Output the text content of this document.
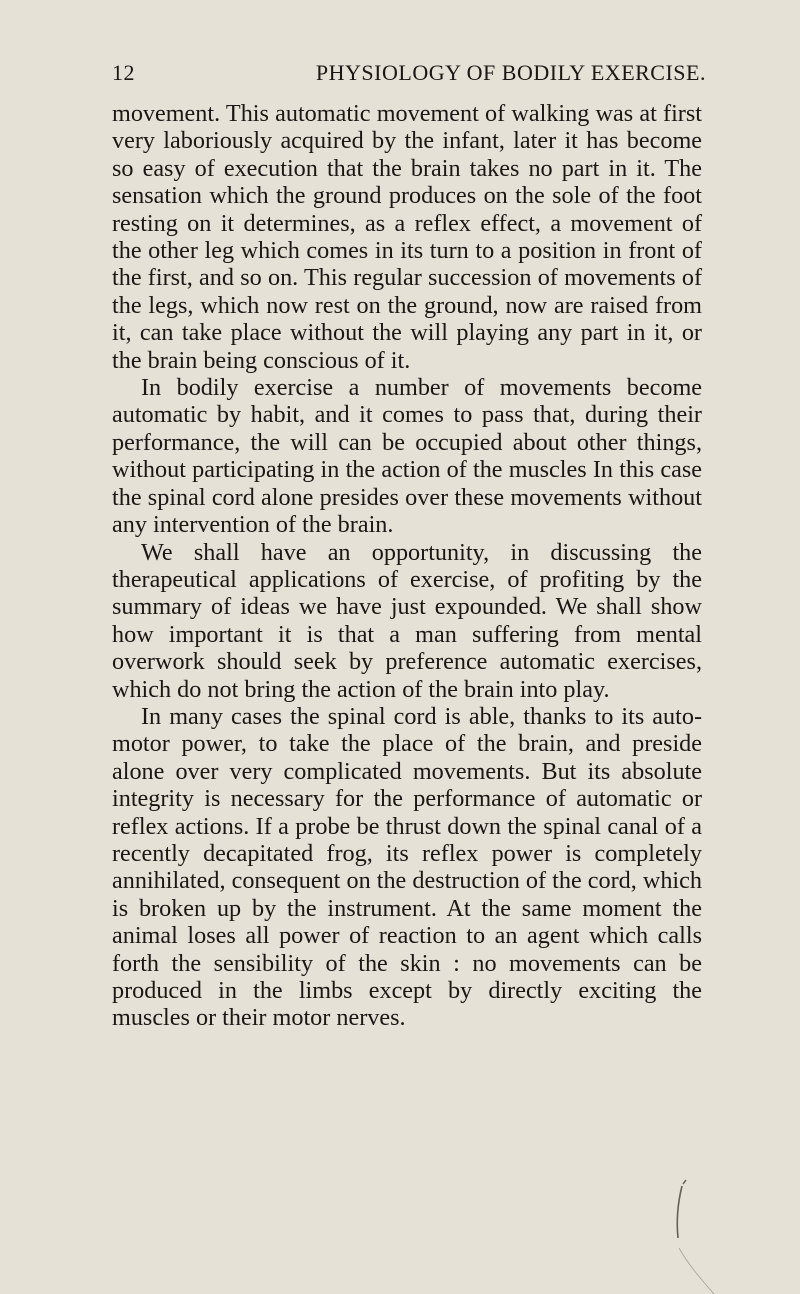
12	PHYSIOLOGY OF BODILY EXERCISE.

movement. This automatic movement of walking was at first very laboriously acquired by the infant, later it has become so easy of execution that the brain takes no part in it. The sensation which the ground produces on the sole of the foot resting on it determines, as a reflex effect, a movement of the other leg which comes in its turn to a position in front of the first, and so on. This regular succession of movements of the legs, which now rest on the ground, now are raised from it, can take place without the will playing any part in it, or the brain being conscious of it.

In bodily exercise a number of movements become automatic by habit, and it comes to pass that, during their performance, the will can be occupied about other things, without participating in the action of the muscles In this case the spinal cord alone presides over these movements without any intervention of the brain.

We shall have an opportunity, in discussing the therapeutical applications of exercise, of profiting by the summary of ideas we have just expounded. We shall show how important it is that a man suffering from mental overwork should seek by preference automatic exercises, which do not bring the action of the brain into play.

In many cases the spinal cord is able, thanks to its auto-motor power, to take the place of the brain, and preside alone over very complicated movements. But its absolute integrity is necessary for the performance of automatic or reflex actions. If a probe be thrust down the spinal canal of a recently decapitated frog, its reflex power is completely annihilated, consequent on the destruction of the cord, which is broken up by the instrument. At the same moment the animal loses all power of reaction to an agent which calls forth the sensibility of the skin : no movements can be produced in the limbs except by directly exciting the muscles or their motor nerves.
